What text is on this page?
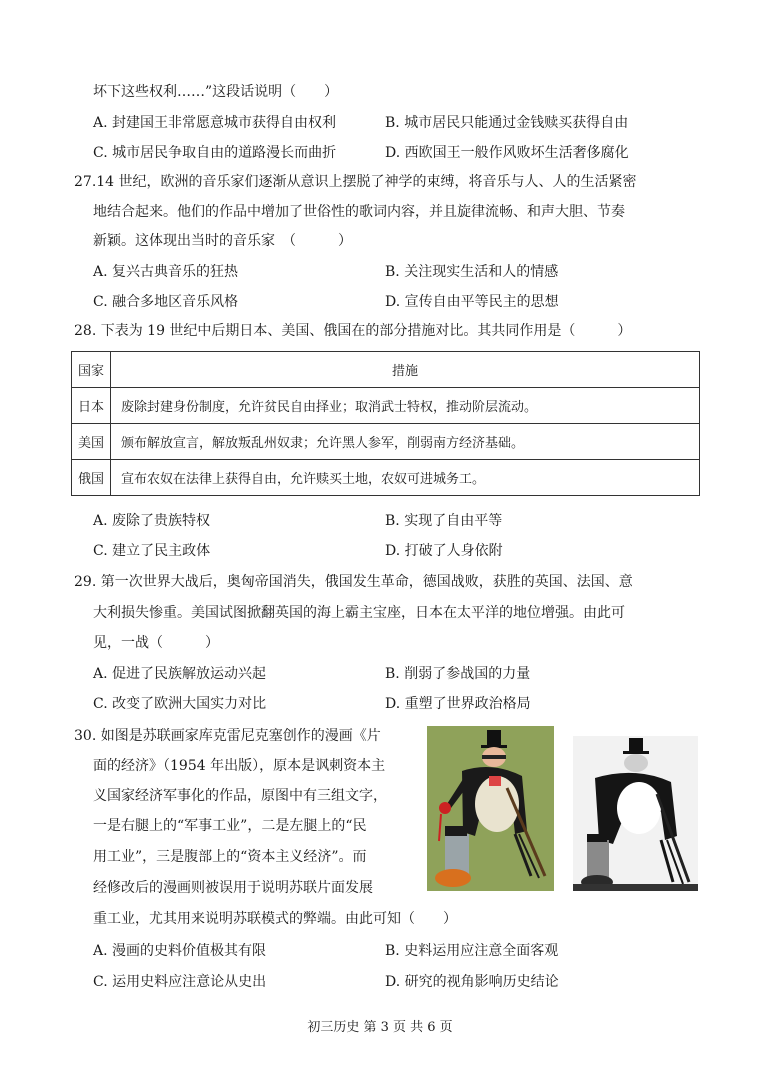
坏下这些权利……”这段话说明（　　）
A. 封建国王非常愿意城市获得自由权利	B. 城市居民只能通过金钱赎买获得自由
C. 城市居民争取自由的道路漫长而曲折	D. 西欧国王一般作风败坏生活奢侈腐化
27.14 世纪，欧洲的音乐家们逐渐从意识上摆脱了神学的束缚，将音乐与人、人的生活紧密
地结合起来。他们的作品中增加了世俗性的歌词内容，并且旋律流畅、和声大胆、节奏
新颖。这体现出当时的音乐家　（　　　）
A. 复兴古典音乐的狂热	B. 关注现实生活和人的情感
C. 融合多地区音乐风格	D. 宣传自由平等民主的思想
28. 下表为 19 世纪中后期日本、美国、俄国在的部分措施对比。其共同作用是（　　　）
国家	措施
日本	废除封建身份制度，允许贫民自由择业；取消武士特权，推动阶层流动。
美国	颁布解放宣言，解放叛乱州奴隶；允许黑人参军，削弱南方经济基础。
俄国	宣布农奴在法律上获得自由，允许赎买土地，农奴可进城务工。
A. 废除了贵族特权	B. 实现了自由平等
C. 建立了民主政体	D. 打破了人身依附
29. 第一次世界大战后，奥匈帝国消失，俄国发生革命，德国战败，获胜的英国、法国、意
大利损失惨重。美国试图掀翻英国的海上霸主宝座，日本在太平洋的地位增强。由此可
见，一战（　　　）
A. 促进了民族解放运动兴起	B. 削弱了参战国的力量
C. 改变了欧洲大国实力对比	D. 重塑了世界政治格局
30. 如图是苏联画家库克雷尼克塞创作的漫画《片
面的经济》（1954 年出版），原本是讽刺资本主
义国家经济军事化的作品，原图中有三组文字，
一是右腿上的“军事工业”，二是左腿上的“民
用工业”，三是腹部上的“资本主义经济”。而
经修改后的漫画则被误用于说明苏联片面发展
重工业，尤其用来说明苏联模式的弊端。由此可知（　　）
A. 漫画的史料价值极其有限	B. 史料运用应注意全面客观
C. 运用史料应注意论从史出	D. 研究的视角影响历史结论
初三历史 第 3 页 共 6 页
